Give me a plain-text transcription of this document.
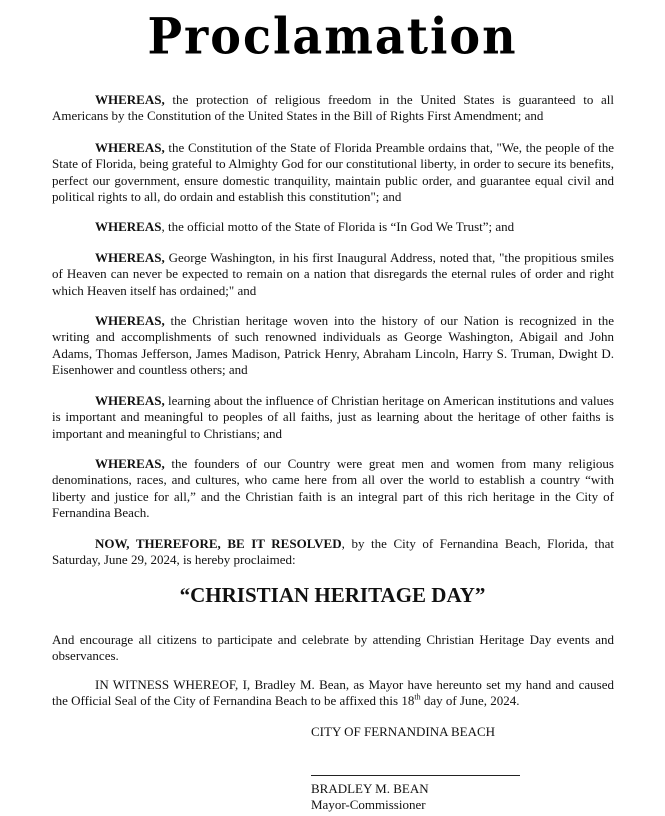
Proclamation

WHEREAS, the protection of religious freedom in the United States is guaranteed to all Americans by the Constitution of the United States in the Bill of Rights First Amendment; and

WHEREAS, the Constitution of the State of Florida Preamble ordains that, "We, the people of the State of Florida, being grateful to Almighty God for our constitutional liberty, in order to secure its benefits, perfect our government, ensure domestic tranquility, maintain public order, and guarantee equal civil and political rights to all, do ordain and establish this constitution"; and

WHEREAS, the official motto of the State of Florida is “In God We Trust”; and

WHEREAS, George Washington, in his first Inaugural Address, noted that, "the propitious smiles of Heaven can never be expected to remain on a nation that disregards the eternal rules of order and right which Heaven itself has ordained;" and

WHEREAS, the Christian heritage woven into the history of our Nation is recognized in the writing and accomplishments of such renowned individuals as George Washington, Abigail and John Adams, Thomas Jefferson, James Madison, Patrick Henry, Abraham Lincoln, Harry S. Truman, Dwight D. Eisenhower and countless others; and

WHEREAS, learning about the influence of Christian heritage on American institutions and values is important and meaningful to peoples of all faiths, just as learning about the heritage of other faiths is important and meaningful to Christians; and

WHEREAS, the founders of our Country were great men and women from many religious denominations, races, and cultures, who came here from all over the world to establish a country “with liberty and justice for all,” and the Christian faith is an integral part of this rich heritage in the City of Fernandina Beach.

NOW, THEREFORE, BE IT RESOLVED, by the City of Fernandina Beach, Florida, that Saturday, June 29, 2024, is hereby proclaimed:

“CHRISTIAN HERITAGE DAY”

And encourage all citizens to participate and celebrate by attending Christian Heritage Day events and observances.

IN WITNESS WHEREOF, I, Bradley M. Bean, as Mayor have hereunto set my hand and caused the Official Seal of the City of Fernandina Beach to be affixed this 18th day of June, 2024.

CITY OF FERNANDINA BEACH

BRADLEY M. BEAN

Mayor-Commissioner
